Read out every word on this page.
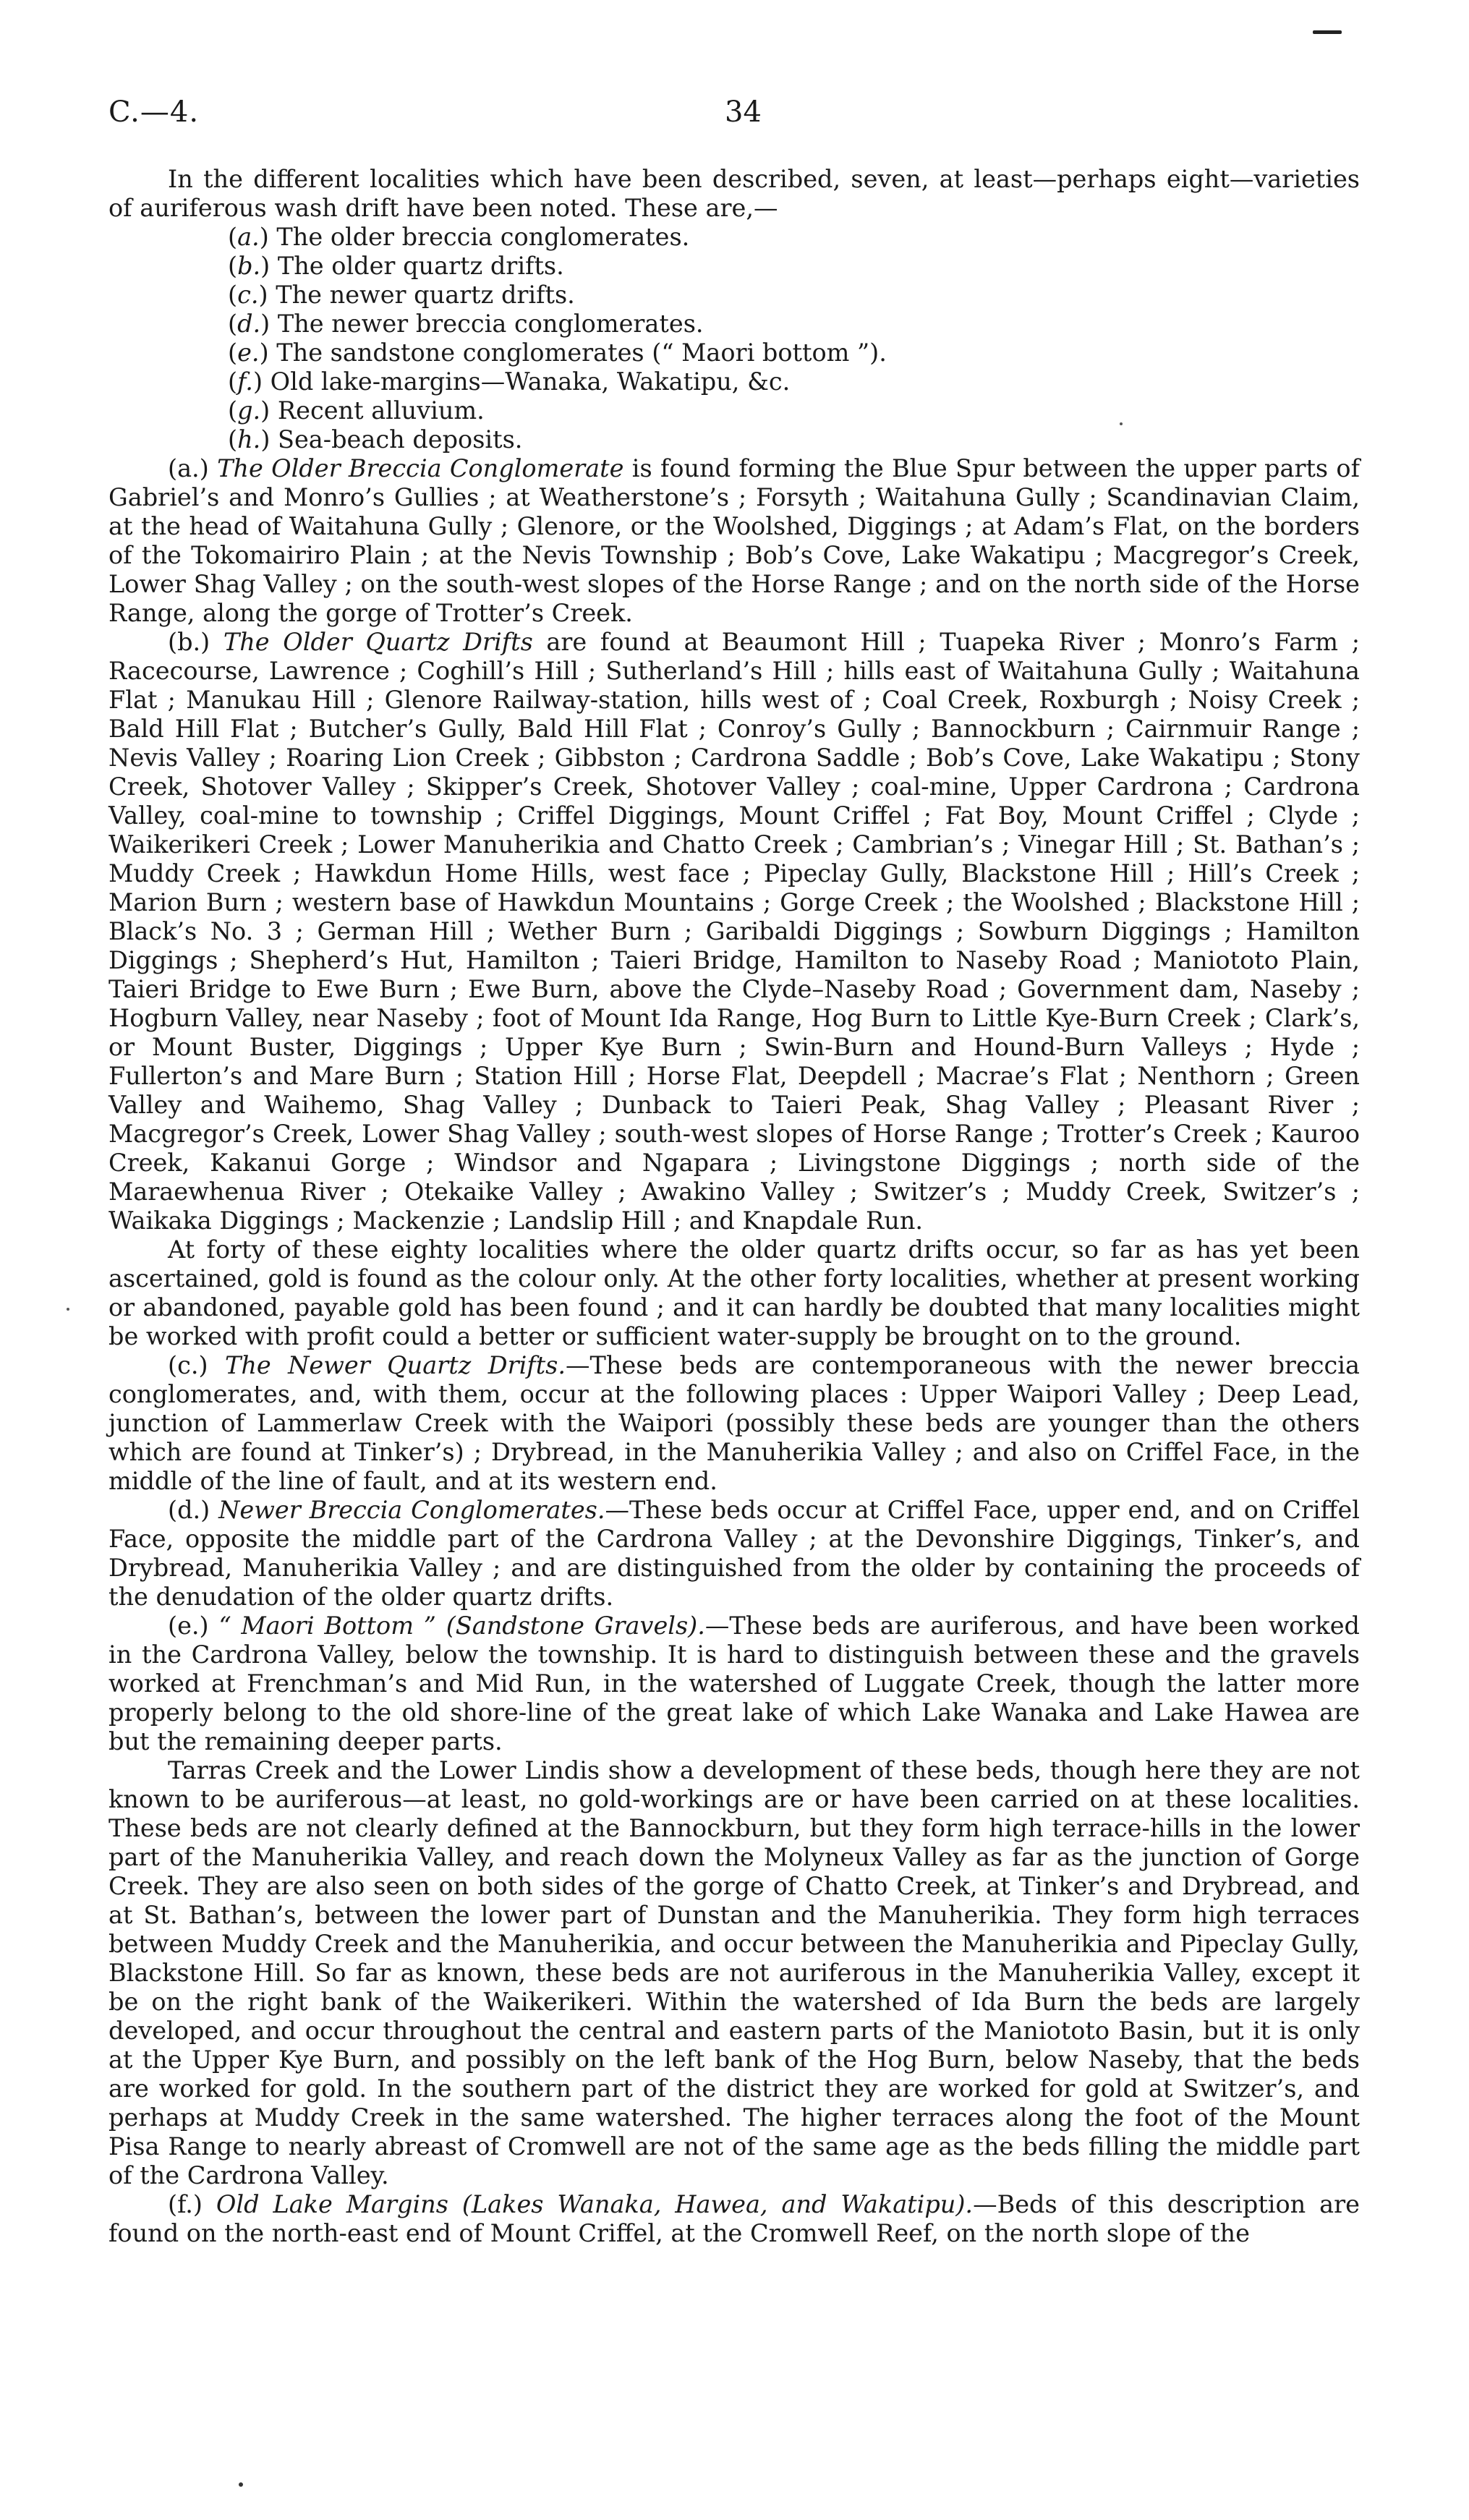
C.—4.	34

In the different localities which have been described, seven, at least—perhaps eight—varieties of auriferous wash drift have been noted. These are,—

(a.) The older breccia conglomerates.
(b.) The older quartz drifts.
(c.) The newer quartz drifts.
(d.) The newer breccia conglomerates.
(e.) The sandstone conglomerates (“ Maori bottom ”).
(f.) Old lake-margins—Wanaka, Wakatipu, &c.
(g.) Recent alluvium.
(h.) Sea-beach deposits.

(a.) The Older Breccia Conglomerate is found forming the Blue Spur between the upper parts of Gabriel’s and Monro’s Gullies ; at Weatherstone’s ; Forsyth ; Waitahuna Gully ; Scandinavian Claim, at the head of Waitahuna Gully ; Glenore, or the Woolshed, Diggings ; at Adam’s Flat, on the borders of the Tokomairiro Plain ; at the Nevis Township ; Bob’s Cove, Lake Wakatipu ; Macgregor’s Creek, Lower Shag Valley ; on the south-west slopes of the Horse Range ; and on the north side of the Horse Range, along the gorge of Trotter’s Creek.

(b.) The Older Quartz Drifts are found at Beaumont Hill ; Tuapeka River ; Monro’s Farm ; Racecourse, Lawrence ; Coghill’s Hill ; Sutherland’s Hill ; hills east of Waitahuna Gully ; Waitahuna Flat ; Manukau Hill ; Glenore Railway-station, hills west of ; Coal Creek, Roxburgh ; Noisy Creek ; Bald Hill Flat ; Butcher’s Gully, Bald Hill Flat ; Conroy’s Gully ; Bannockburn ; Cairnmuir Range ; Nevis Valley ; Roaring Lion Creek ; Gibbston ; Cardrona Saddle ; Bob’s Cove, Lake Wakatipu ; Stony Creek, Shotover Valley ; Skipper’s Creek, Shotover Valley ; coal-mine, Upper Cardrona ; Cardrona Valley, coal-mine to township ; Criffel Diggings, Mount Criffel ; Fat Boy, Mount Criffel ; Clyde ; Waikerikeri Creek ; Lower Manuherikia and Chatto Creek ; Cambrian’s ; Vinegar Hill ; St. Bathan’s ; Muddy Creek ; Hawkdun Home Hills, west face ; Pipeclay Gully, Blackstone Hill ; Hill’s Creek ; Marion Burn ; western base of Hawkdun Mountains ; Gorge Creek ; the Woolshed ; Blackstone Hill ; Black’s No. 3 ; German Hill ; Wether Burn ; Garibaldi Diggings ; Sowburn Diggings ; Hamilton Diggings ; Shepherd’s Hut, Hamilton ; Taieri Bridge, Hamilton to Naseby Road ; Maniototo Plain, Taieri Bridge to Ewe Burn ; Ewe Burn, above the Clyde–Naseby Road ; Government dam, Naseby ; Hogburn Valley, near Naseby ; foot of Mount Ida Range, Hog Burn to Little Kye-Burn Creek ; Clark’s, or Mount Buster, Diggings ; Upper Kye Burn ; Swin-Burn and Hound-Burn Valleys ; Hyde ; Fullerton’s and Mare Burn ; Station Hill ; Horse Flat, Deepdell ; Macrae’s Flat ; Nenthorn ; Green Valley and Waihemo, Shag Valley ; Dunback to Taieri Peak, Shag Valley ; Pleasant River ; Macgregor’s Creek, Lower Shag Valley ; south-west slopes of Horse Range ; Trotter’s Creek ; Kauroo Creek, Kakanui Gorge ; Windsor and Ngapara ; Livingstone Diggings ; north side of the Maraewhenua River ; Otekaike Valley ; Awakino Valley ; Switzer’s ; Muddy Creek, Switzer’s ; Waikaka Diggings ; Mackenzie ; Landslip Hill ; and Knapdale Run.

At forty of these eighty localities where the older quartz drifts occur, so far as has yet been ascertained, gold is found as the colour only. At the other forty localities, whether at present working or abandoned, payable gold has been found ; and it can hardly be doubted that many localities might be worked with profit could a better or sufficient water-supply be brought on to the ground.

(c.) The Newer Quartz Drifts.—These beds are contemporaneous with the newer breccia conglomerates, and, with them, occur at the following places : Upper Waipori Valley ; Deep Lead, junction of Lammerlaw Creek with the Waipori (possibly these beds are younger than the others which are found at Tinker’s) ; Drybread, in the Manuherikia Valley ; and also on Criffel Face, in the middle of the line of fault, and at its western end.

(d.) Newer Breccia Conglomerates.—These beds occur at Criffel Face, upper end, and on Criffel Face, opposite the middle part of the Cardrona Valley ; at the Devonshire Diggings, Tinker’s, and Drybread, Manuherikia Valley ; and are distinguished from the older by containing the proceeds of the denudation of the older quartz drifts.

(e.) “ Maori Bottom ” (Sandstone Gravels).—These beds are auriferous, and have been worked in the Cardrona Valley, below the township. It is hard to distinguish between these and the gravels worked at Frenchman’s and Mid Run, in the watershed of Luggate Creek, though the latter more properly belong to the old shore-line of the great lake of which Lake Wanaka and Lake Hawea are but the remaining deeper parts.

Tarras Creek and the Lower Lindis show a development of these beds, though here they are not known to be auriferous—at least, no gold-workings are or have been carried on at these localities. These beds are not clearly defined at the Bannockburn, but they form high terrace-hills in the lower part of the Manuherikia Valley, and reach down the Molyneux Valley as far as the junction of Gorge Creek. They are also seen on both sides of the gorge of Chatto Creek, at Tinker’s and Drybread, and at St. Bathan’s, between the lower part of Dunstan and the Manuherikia. They form high terraces between Muddy Creek and the Manuherikia, and occur between the Manuherikia and Pipeclay Gully, Blackstone Hill. So far as known, these beds are not auriferous in the Manuherikia Valley, except it be on the right bank of the Waikerikeri. Within the watershed of Ida Burn the beds are largely developed, and occur throughout the central and eastern parts of the Maniototo Basin, but it is only at the Upper Kye Burn, and possibly on the left bank of the Hog Burn, below Naseby, that the beds are worked for gold. In the southern part of the district they are worked for gold at Switzer’s, and perhaps at Muddy Creek in the same watershed. The higher terraces along the foot of the Mount Pisa Range to nearly abreast of Cromwell are not of the same age as the beds filling the middle part of the Cardrona Valley.

(f.) Old Lake Margins (Lakes Wanaka, Hawea, and Wakatipu).—Beds of this description are found on the north-east end of Mount Criffel, at the Cromwell Reef, on the north slope of the
